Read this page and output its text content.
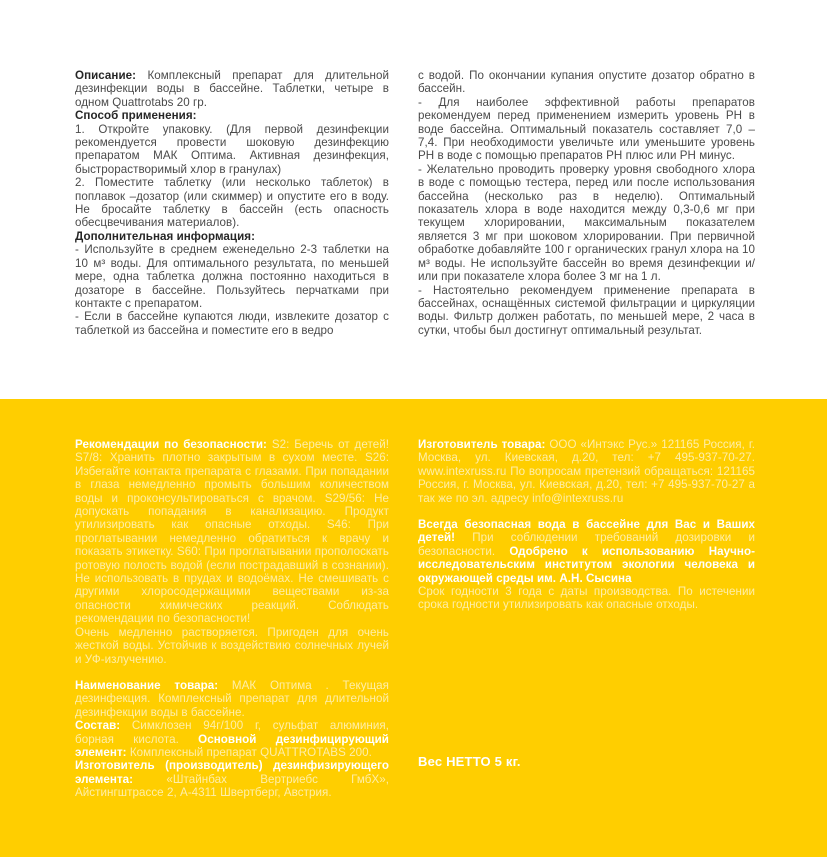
Описание: Комплексный препарат для длительной дезинфекции воды в бассейне. Таблетки, четыре в одном Quattrotabs 20 гр.

Способ применения:

1. Откройте упаковку. (Для первой дезинфекции рекомендуется провести шоковую дезинфекцию препаратом МАК Оптима. Активная дезинфекция, быстрорастворимый хлор в гранулах)

2. Поместите таблетку (или несколько таблеток) в поплавок –дозатор (или скиммер) и опустите его в воду. Не бросайте таблетку в бассейн (есть опасность обесцвечивания материалов).

Дополнительная информация:

- Используйте в среднем еженедельно 2-3 таблетки на 10 м³ воды. Для оптимального результата, по меньшей мере, одна таблетка должна постоянно находиться в дозаторе в бассейне. Пользуйтесь перчатками при контакте с препаратом.

- Если в бассейне купаются люди, извлеките дозатор с таблеткой из бассейна и поместите его в ведро

с водой. По окончании купания опустите дозатор обратно в бассейн.

- Для наиболее эффективной работы препаратов рекомендуем перед применением измерить уровень РН в воде бассейна. Оптимальный показатель составляет 7,0 – 7,4. При необходимости увеличьте или уменьшите уровень РН в воде с помощью препаратов РН плюс или РН минус.

- Желательно проводить проверку уровня свободного хлора в воде с помощью тестера, перед или после использования бассейна (несколько раз в неделю). Оптимальный показатель хлора в воде находится между 0,3-0,6 мг при текущем хлорировании, максимальным показателем является 3 мг при шоковом хлорировании. При первичной обработке добавляйте 100 г органических гранул хлора на 10 м³ воды. Не используйте бассейн во время дезинфекции и/ или при показателе хлора более 3 мг на 1 л.

- Настоятельно рекомендуем применение препарата в бассейнах, оснащённых системой фильтрации и циркуляции воды. Фильтр должен работать, по меньшей мере, 2 часа в сутки, чтобы был достигнут оптимальный результат.

Рекомендации по безопасности: S2: Беречь от детей! S7/8: Хранить плотно закрытым в сухом месте. S26: Избегайте контакта препарата с глазами. При попадании в глаза немедленно промыть большим количеством воды и проконсультироваться с врачом. S29/56: Не допускать попадания в канализацию. Продукт утилизировать как опасные отходы. S46: При проглатывании немедленно обратиться к врачу и показать этикетку. S60: При проглатывании прополоскать ротовую полость водой (если пострадавший в сознании). Не использовать в прудах и водоёмах. Не смешивать с другими хлоросодержащими веществами из-за опасности химических реакций. Соблюдать рекомендации по безопасности!

Очень медленно растворяется. Пригоден для очень жесткой воды. Устойчив к воздействию солнечных лучей и УФ-излучению.

Наименование товара: МАК Оптима . Текущая дезинфекция. Комплексный препарат для длительной дезинфекции воды в бассейне.

Состав: Симклозен 94г/100 г, сульфат алюминия, борная кислота. Основной дезинфицирующий элемент: Комплексный препарат QUATTROTABS 200.

Изготовитель (производитель) дезинфизирующего элемента: «Штайнбах Вертриебс ГмбХ», Айстингштрассе 2, А-4311 Швертберг, Австрия.

Изготовитель товара: ООО «Интэкс Рус.» 121165 Россия, г. Москва, ул. Киевская, д.20, тел: +7 495-937-70-27. www.intexruss.ru По вопросам претензий обращаться: 121165 Россия, г. Москва, ул. Киевская, д.20, тел: +7 495-937-70-27 а так же по эл. адресу info@intexruss.ru

Всегда безопасная вода в бассейне для Вас и Ваших детей! При соблюдении требований дозировки и безопасности. Одобрено к использованию Научно-исследовательским институтом экологии человека и окружающей среды им. А.Н. Сысина

Срок годности 3 года с даты производства. По истечении срока годности утилизировать как опасные отходы.

Вес НЕТТО 5 кг.
